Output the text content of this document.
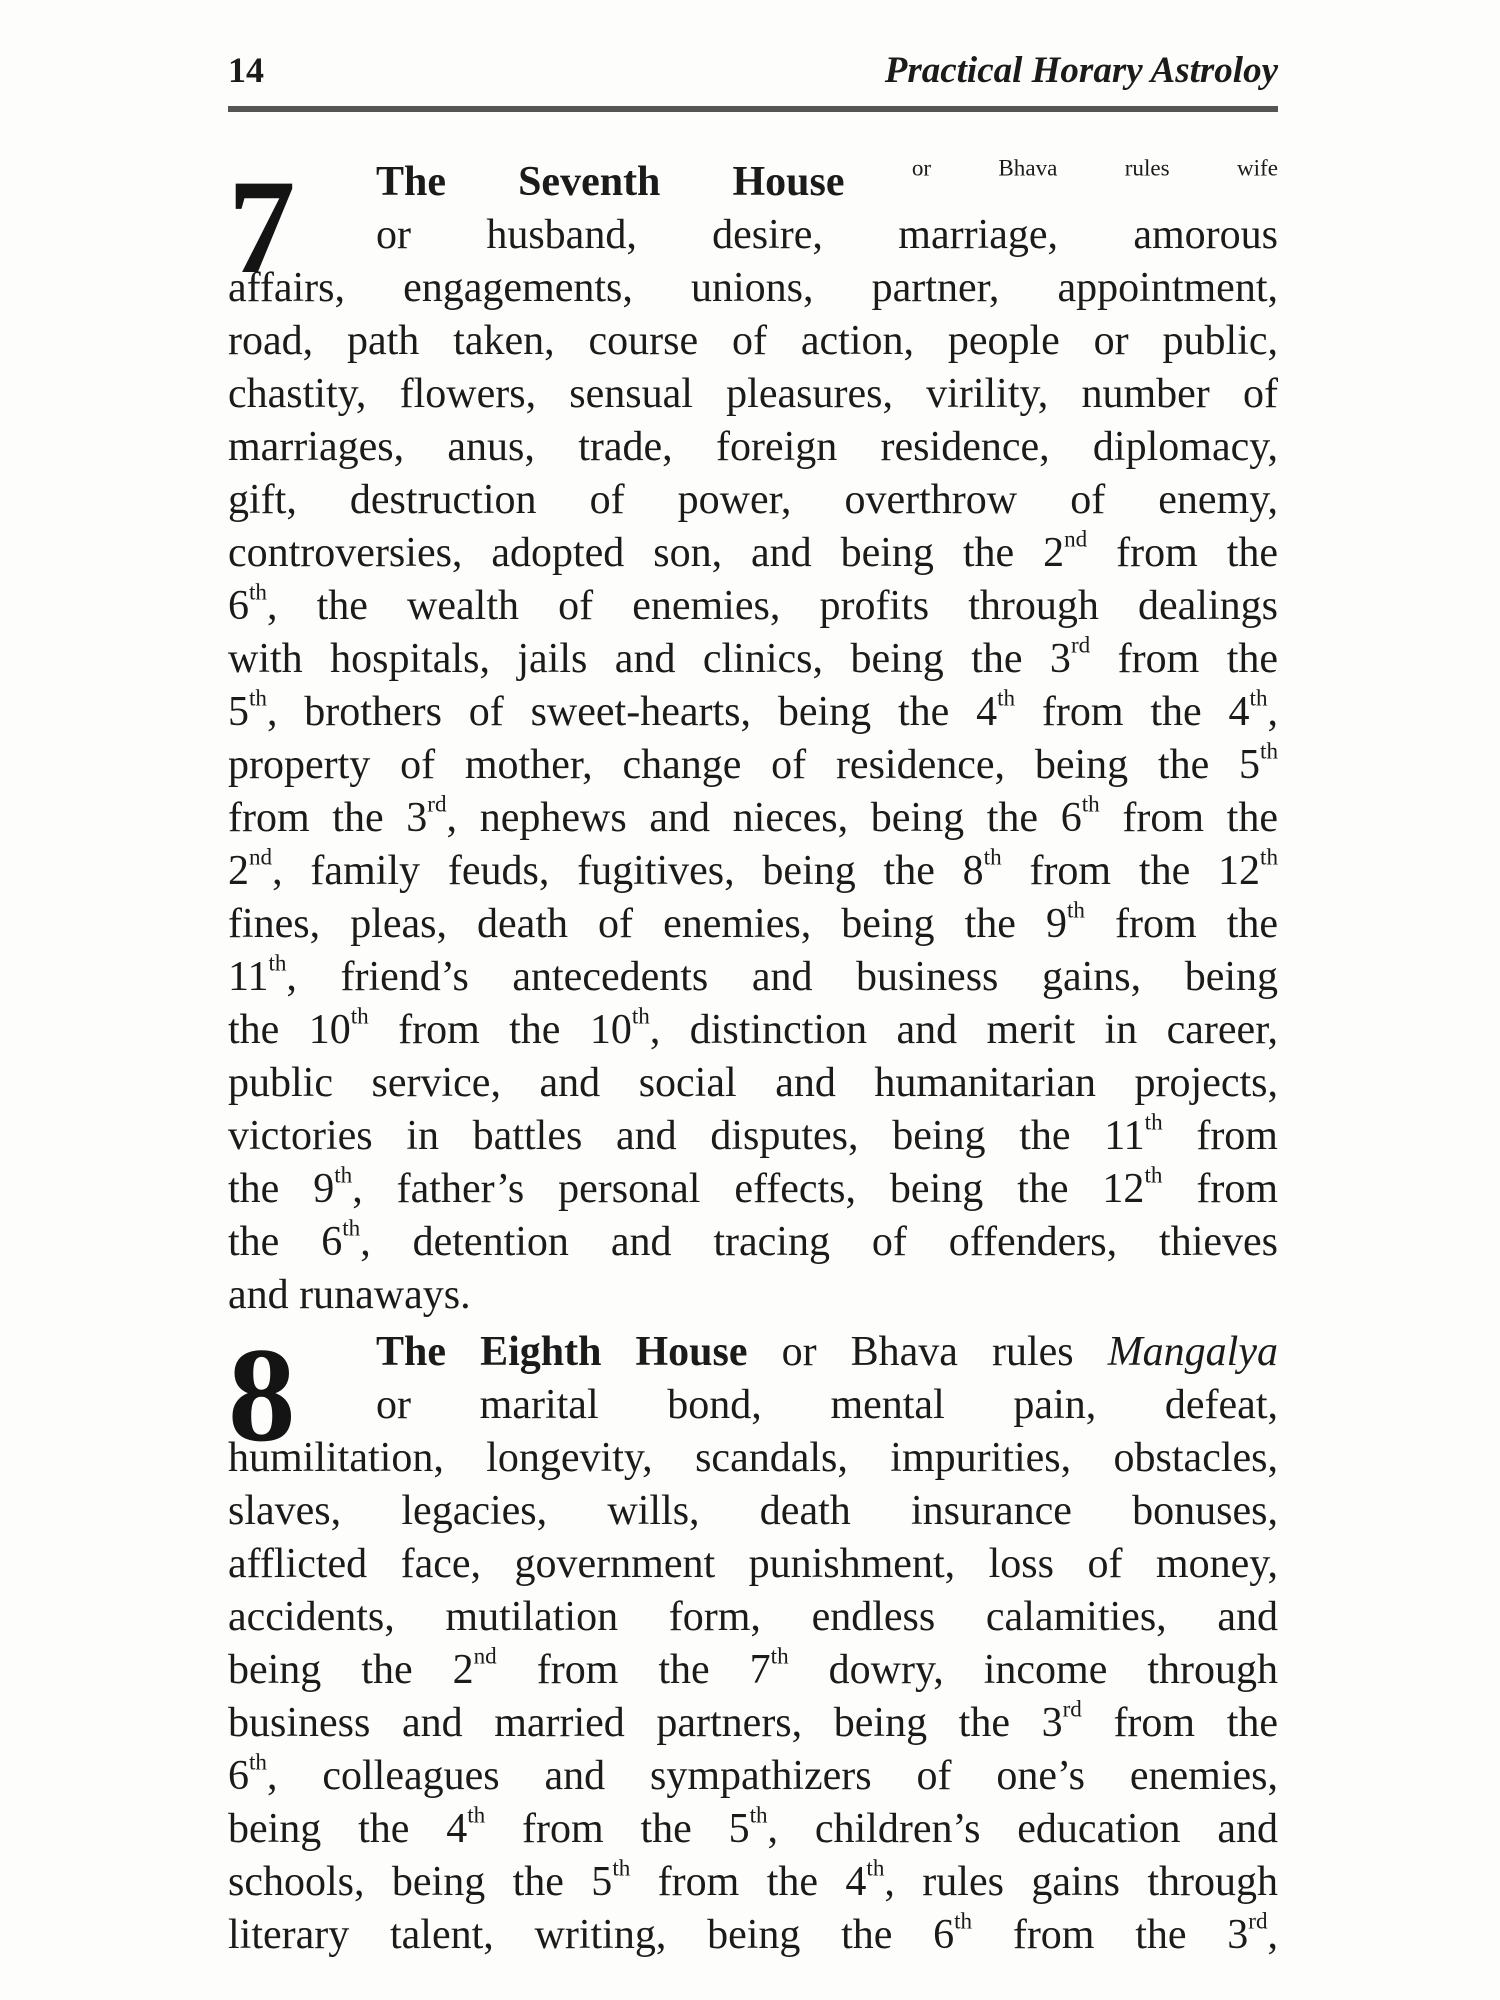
14	Practical Horary Astroloy
7	The Seventh House $^{or Bhava rules wife}$
or husband, desire, marriage, amorous
affairs, engagements, unions, partner, appointment,
road, path taken, course of action, people or public,
chastity, flowers, sensual pleasures, virility, number of
marriages, anus, trade, foreign residence, diplomacy,
gift, destruction of power, overthrow of enemy,
controversies, adopted son, and being the 2nd from the
6th, the wealth of enemies, profits through dealings
with hospitals, jails and clinics, being the 3rd from the
5th, brothers of sweet-hearts, being the 4th from the 4th,
property of mother, change of residence, being the 5th
from the 3rd, nephews and nieces, being the 6th from the
2nd, family feuds, fugitives, being the 8th from the 12th
fines, pleas, death of enemies, being the 9th from the
11th, friend’s antecedents and business gains, being
the 10th from the 10th, distinction and merit in career,
public service, and social and humanitarian projects,
victories in battles and disputes, being the 11th from
the 9th, father’s personal effects, being the 12th from
the 6th, detention and tracing of offenders, thieves
and runaways.
8	The Eighth House or Bhava rules Mangalya
or marital bond, mental pain, defeat,
humilitation, longevity, scandals, impurities, obstacles,
slaves, legacies, wills, death insurance bonuses,
afflicted face, government punishment, loss of money,
accidents, mutilation form, endless calamities, and
being the 2nd from the 7th dowry, income through
business and married partners, being the 3rd from the
6th, colleagues and sympathizers of one’s enemies,
being the 4th from the 5th, children’s education and
schools, being the 5th from the 4th, rules gains through
literary talent, writing, being the 6th from the 3rd,
